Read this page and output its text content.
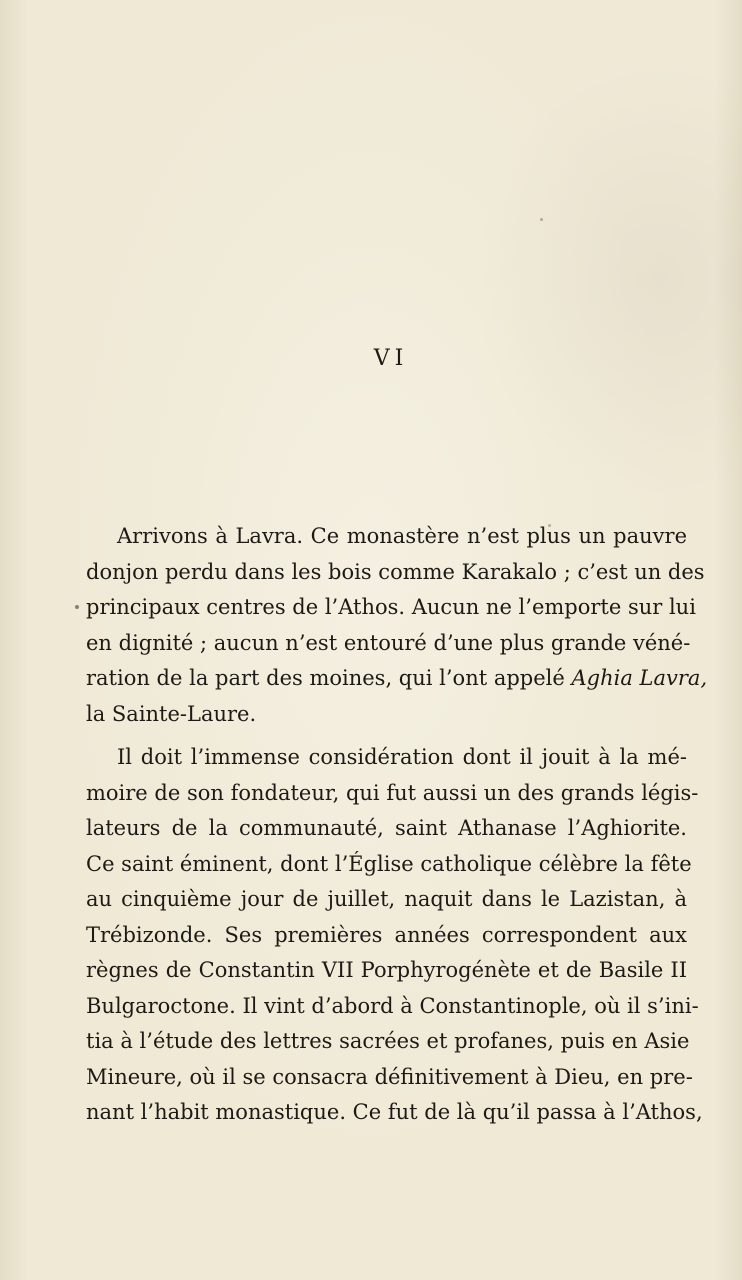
VI
Arrivons à Lavra. Ce monastère n’est plus un pauvre
donjon perdu dans les bois comme Karakalo ; c’est un des
principaux centres de l’Athos. Aucun ne l’emporte sur lui
en dignité ; aucun n’est entouré d’une plus grande véné-
ration de la part des moines, qui l’ont appelé Aghia Lavra,
la Sainte-Laure.
Il doit l’immense considération dont il jouit à la mé-
moire de son fondateur, qui fut aussi un des grands légis-
lateurs de la communauté, saint Athanase l’Aghiorite.
Ce saint éminent, dont l’Église catholique célèbre la fête
au cinquième jour de juillet, naquit dans le Lazistan, à
Trébizonde. Ses premières années correspondent aux
règnes de Constantin VII Porphyrogénète et de Basile II
Bulgaroctone. Il vint d’abord à Constantinople, où il s’ini-
tia à l’étude des lettres sacrées et profanes, puis en Asie
Mineure, où il se consacra définitivement à Dieu, en pre-
nant l’habit monastique. Ce fut de là qu’il passa à l’Athos,
